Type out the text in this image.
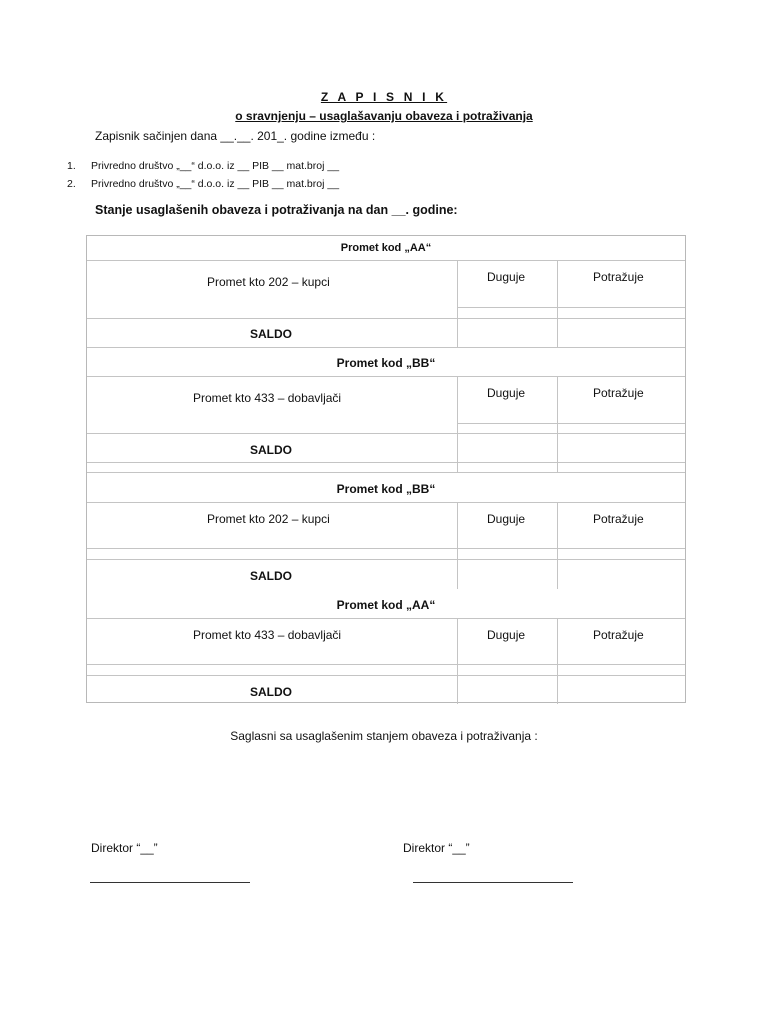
Z A P I S N I K
o sravnjenju – usaglašavanju obaveza i potraživanja
Zapisnik sačinjen dana __.__. 201_. godine između :
1. Privredno društvo „__“ d.o.o. iz __ PIB __ mat.broj __
2. Privredno društvo „__“ d.o.o. iz __ PIB __ mat.broj __
Stanje usaglašenih obaveza i potraživanja na dan __. godine:
Promet kod „AA“
Promet kto 202 – kupci	Duguje	Potražuje
SALDO
Promet kod „BB“
Promet kto 433 – dobavljači	Duguje	Potražuje
SALDO
Promet kod „BB“
Promet kto 202 – kupci	Duguje	Potražuje
SALDO
Promet kod „AA“
Promet kto 433 – dobavljači	Duguje	Potražuje
SALDO
Saglasni sa usaglašenim stanjem obaveza i potraživanja :
Direktor “__”	Direktor “__”
